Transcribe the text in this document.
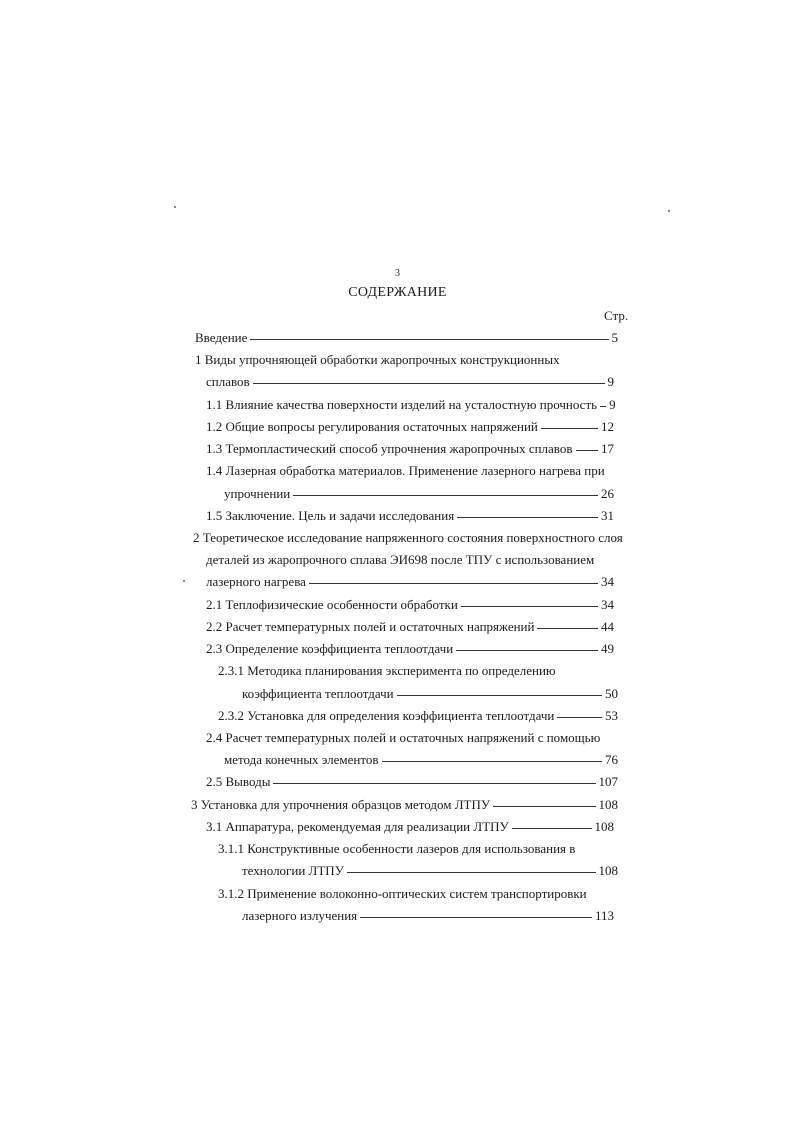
3
СОДЕРЖАНИЕ
Стр.
Введение	5
1 Виды упрочняющей обработки жаропрочных конструкционных
сплавов	9
1.1 Влияние качества поверхности изделий на усталостную прочность 9
1.2 Общие вопросы регулирования остаточных напряжений	12
1.3 Термопластический способ упрочнения жаропрочных сплавов 17
1.4 Лазерная обработка материалов. Применение лазерного нагрева при
упрочнении	26
1.5 Заключение. Цель и задачи исследования	31
2 Теоретическое исследование напряженного состояния поверхностного слоя
деталей из жаропрочного сплава ЭИ698 после ТПУ с использованием
лазерного нагрева	34
2.1 Теплофизические особенности обработки	34
2.2 Расчет температурных полей и остаточных напряжений	44
2.3 Определение коэффициента теплоотдачи	49
2.3.1 Методика планирования эксперимента по определению
коэффициента теплоотдачи	50
2.3.2 Установка для определения коэффициента теплоотдачи	53
2.4 Расчет температурных полей и остаточных напряжений с помощью
метода конечных элементов	76
2.5 Выводы	107
3 Установка для упрочнения образцов методом ЛТПУ	108
3.1 Аппаратура, рекомендуемая для реализации ЛТПУ	108
3.1.1 Конструктивные особенности лазеров для использования в
технологии ЛТПУ	108
3.1.2 Применение волоконно-оптических систем транспортировки
лазерного излучения	113
